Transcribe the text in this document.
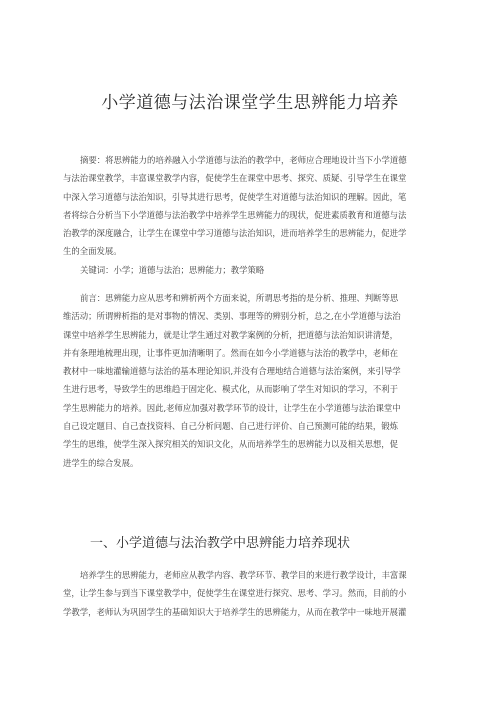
小学道德与法治课堂学生思辨能力培养
摘要：将思辨能力的培养融入小学道德与法治的教学中，老师应合理地设计当下小学道德
与法治课堂教学，丰富课堂教学内容，促使学生在课堂中思考、探究、质疑、引导学生在课堂
中深入学习道德与法治知识，引导其进行思考，促使学生对道德与法治知识的理解。因此，笔
者将综合分析当下小学道德与法治教学中培养学生思辨能力的现状，促进素质教育和道德与法
治教学的深度融合，让学生在课堂中学习道德与法治知识，进而培养学生的思辨能力，促进学
生的全面发展。
关键词：小学；道德与法治；思辨能力；教学策略
前言：思辨能力应从思考和辨析两个方面来说，所谓思考指的是分析、推理、判断等思
维活动；所谓辨析指的是对事物的情况、类别、事理等的辨别分析，总之,在小学道德与法治
课堂中培养学生思辨能力，就是让学生通过对教学案例的分析，把道德与法治知识讲清楚，
并有条理地梳理出现，让事件更加清晰明了。然而在如今小学道德与法治的教学中，老师在
教材中一味地灌输道德与法治的基本理论知识,并没有合理地结合道德与法治案例，来引导学
生进行思考，导致学生的思维趋于固定化、模式化，从而影响了学生对知识的学习，不利于
学生思辨能力的培养。因此,老师应加强对教学环节的设计，让学生在小学道德与法治课堂中
自己设定题目、自己查找资料、自己分析问题、自己进行评价、自己预测可能的结果，锻炼
学生的思维，使学生深入探究相关的知识文化，从而培养学生的思辨能力以及相关思想，促
进学生的综合发展。
一、小学道德与法治教学中思辨能力培养现状
培养学生的思辨能力，老师应从教学内容、教学环节、教学目的来进行教学设计，丰富课
堂，让学生参与到当下课堂教学中，促使学生在课堂进行探究、思考、学习。然而，目前的小
学教学，老师认为巩固学生的基础知识大于培养学生的思辨能力，从而在教学中一味地开展灌
